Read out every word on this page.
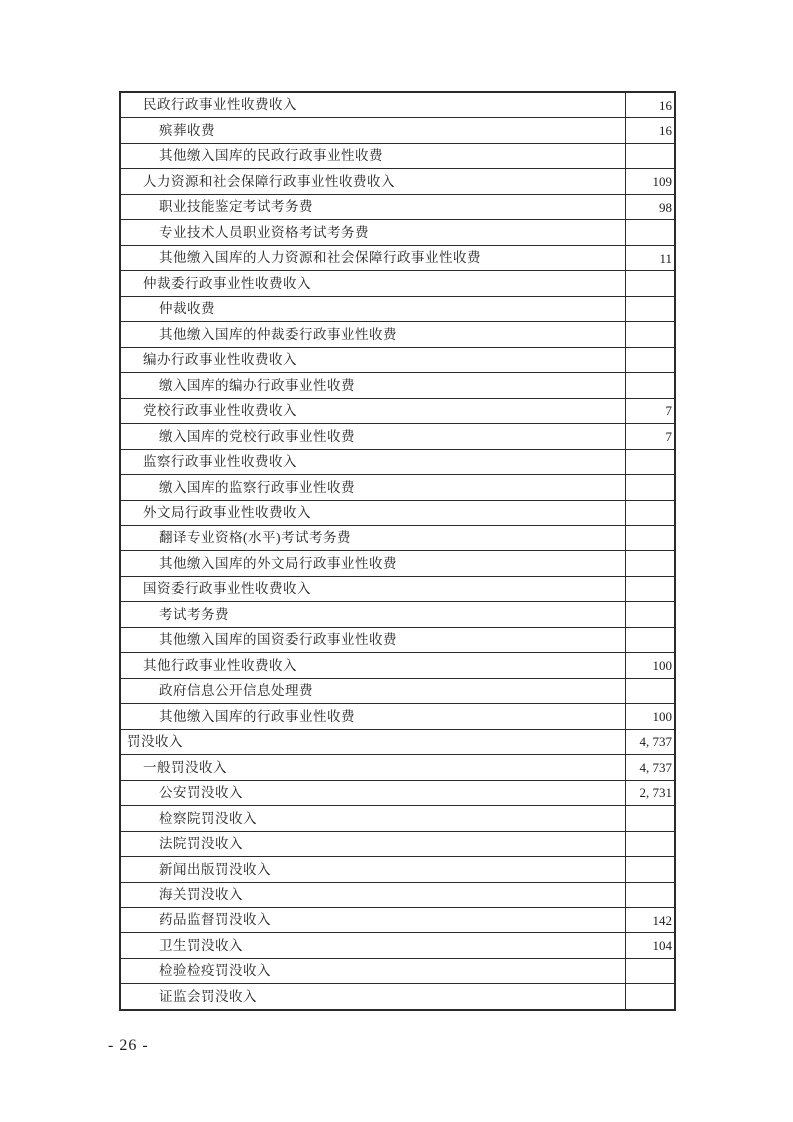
民政行政事业性收费收入	16
殡葬收费	16
其他缴入国库的民政行政事业性收费
人力资源和社会保障行政事业性收费收入	109
职业技能鉴定考试考务费	98
专业技术人员职业资格考试考务费
其他缴入国库的人力资源和社会保障行政事业性收费	11
仲裁委行政事业性收费收入
仲裁收费
其他缴入国库的仲裁委行政事业性收费
编办行政事业性收费收入
缴入国库的编办行政事业性收费
党校行政事业性收费收入	7
缴入国库的党校行政事业性收费	7
监察行政事业性收费收入
缴入国库的监察行政事业性收费
外文局行政事业性收费收入
翻译专业资格(水平)考试考务费
其他缴入国库的外文局行政事业性收费
国资委行政事业性收费收入
考试考务费
其他缴入国库的国资委行政事业性收费
其他行政事业性收费收入	100
政府信息公开信息处理费
其他缴入国库的行政事业性收费	100
罚没收入	4, 737
一般罚没收入	4, 737
公安罚没收入	2, 731
检察院罚没收入
法院罚没收入
新闻出版罚没收入
海关罚没收入
药品监督罚没收入	142
卫生罚没收入	104
检验检疫罚没收入
证监会罚没收入
- 26 -
